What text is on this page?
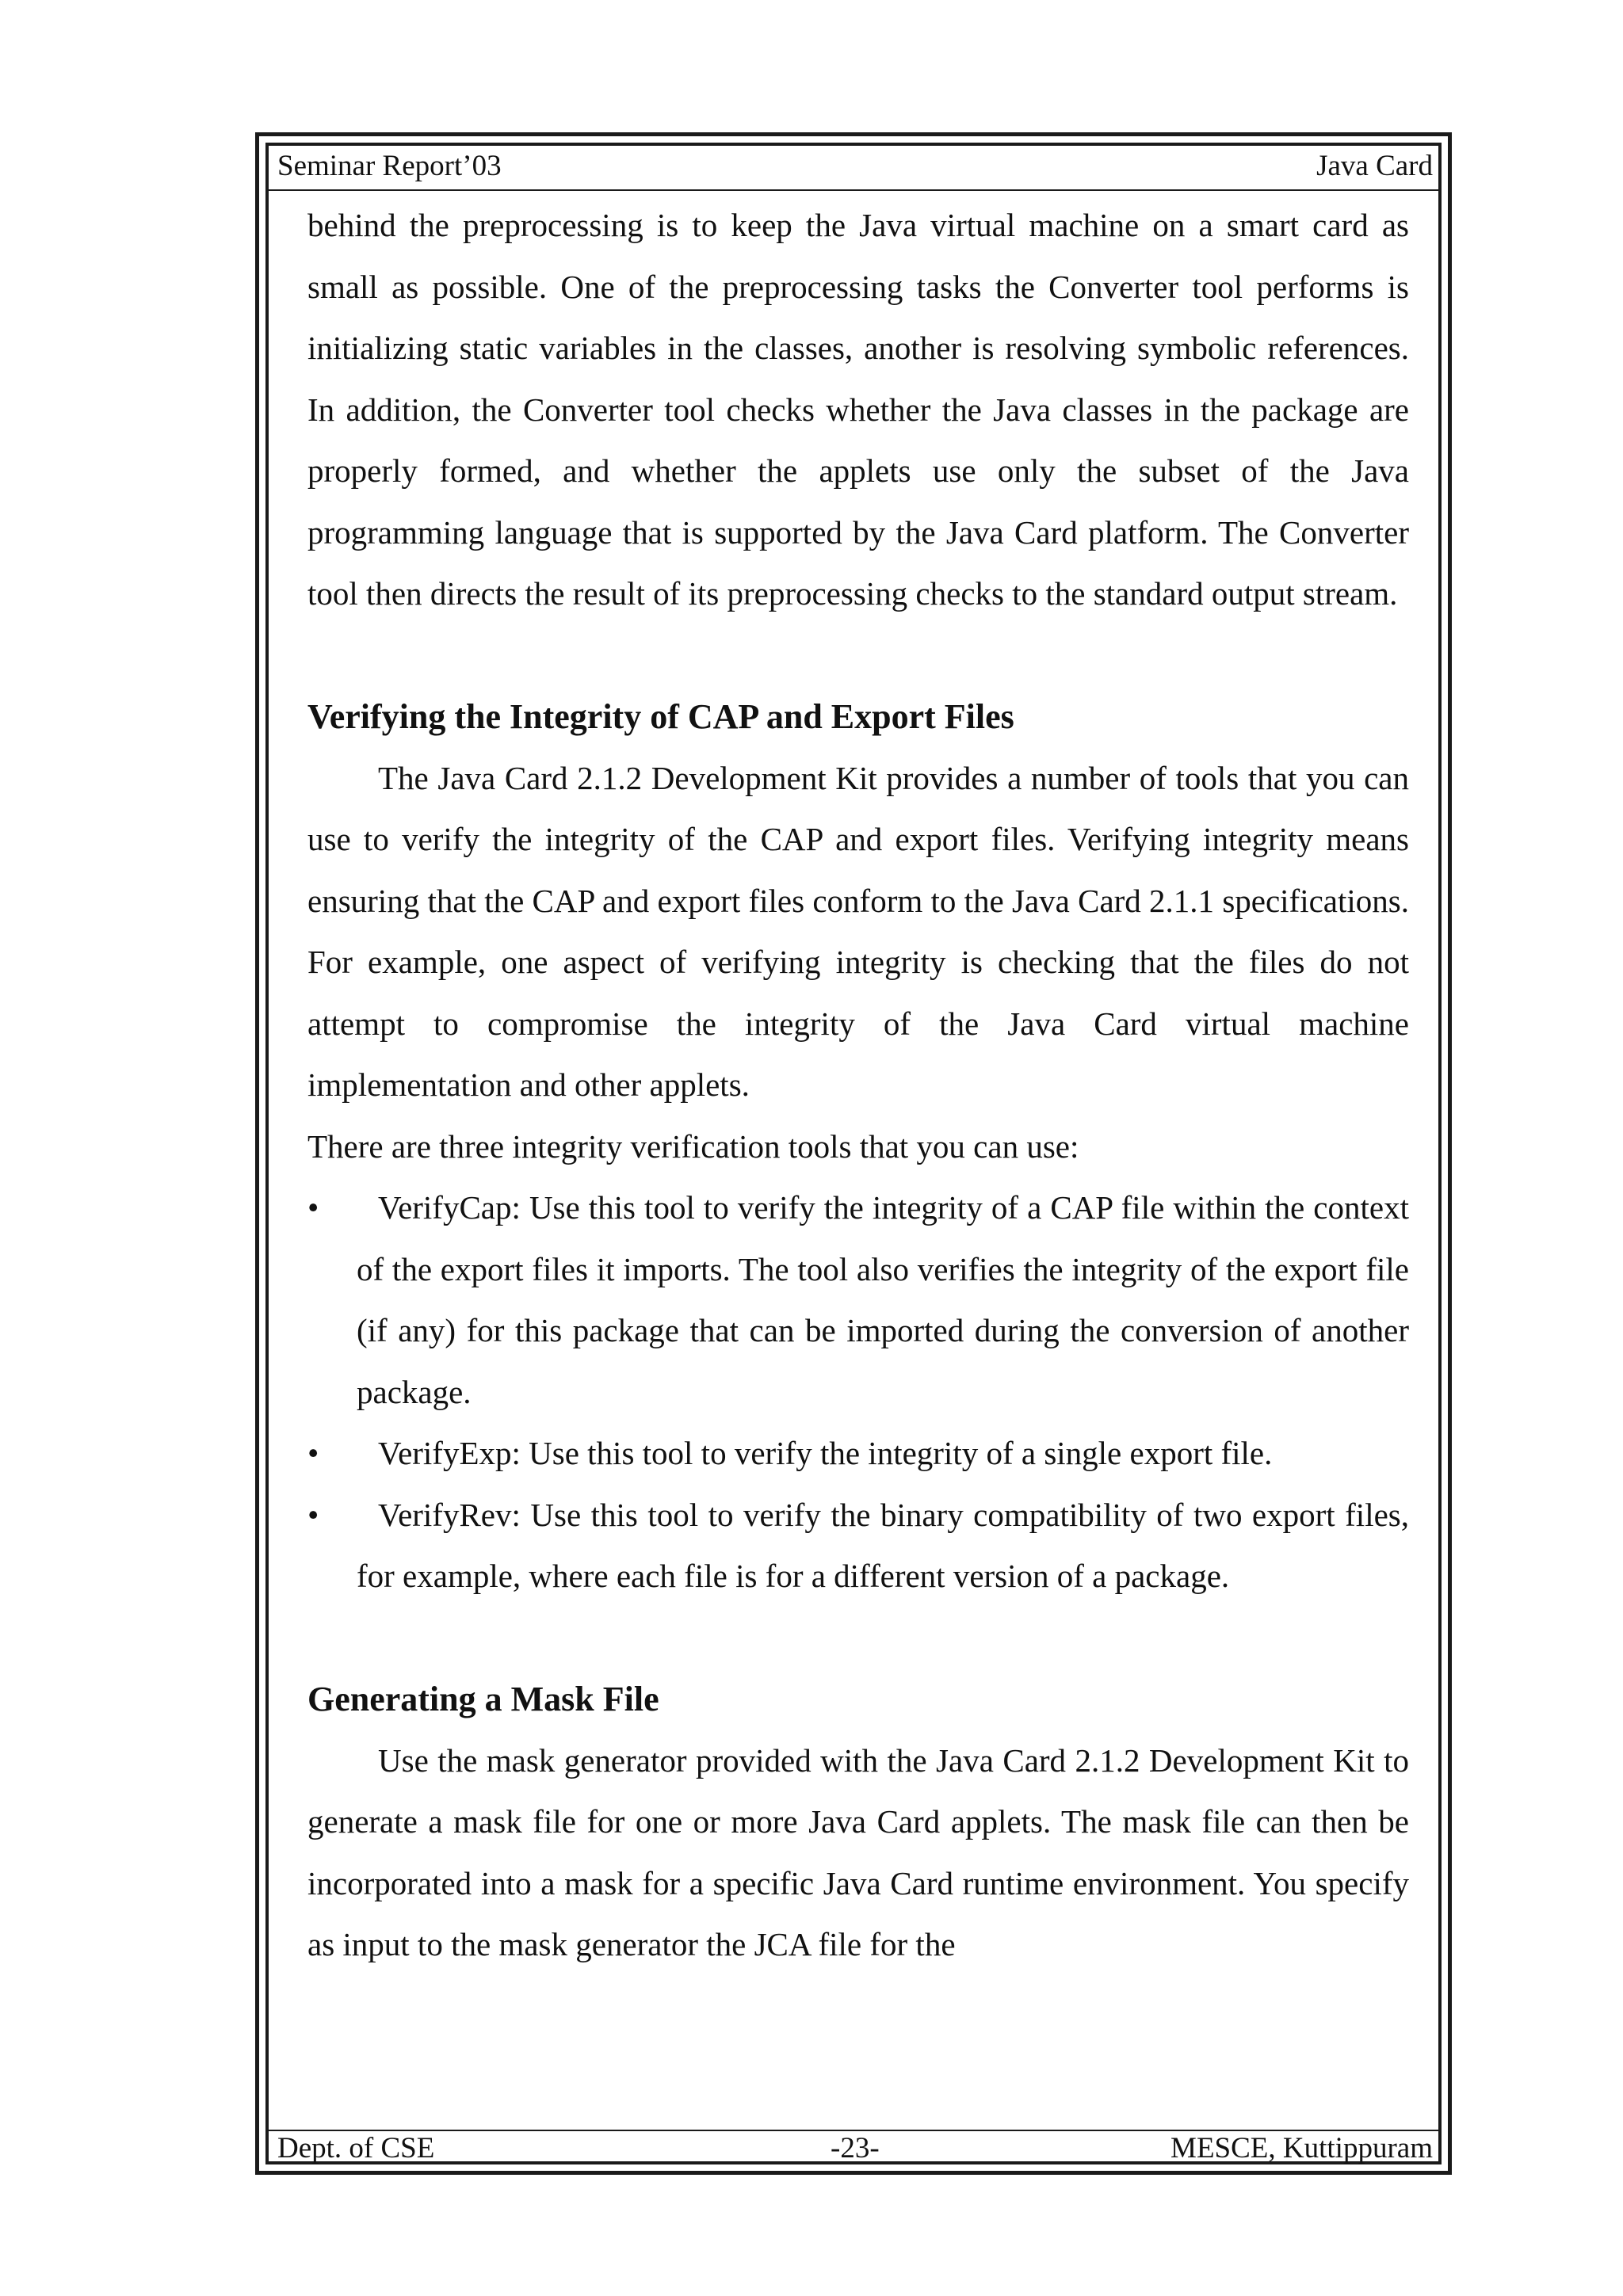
Seminar Report’03	Java Card

behind the preprocessing is to keep the Java virtual machine on a smart card as small as possible. One of the preprocessing tasks the Converter tool performs is initializing static variables in the classes, another is resolving symbolic references. In addition, the Converter tool checks whether the Java classes in the package are properly formed, and whether the applets use only the subset of the Java programming language that is supported by the Java Card platform. The Converter tool then directs the result of its preprocessing checks to the standard output stream.

Verifying the Integrity of CAP and Export Files

The Java Card 2.1.2 Development Kit provides a number of tools that you can use to verify the integrity of the CAP and export files. Verifying integrity means ensuring that the CAP and export files conform to the Java Card 2.1.1 specifications. For example, one aspect of verifying integrity is checking that the files do not attempt to compromise the integrity of the Java Card virtual machine implementation and other applets.

There are three integrity verification tools that you can use:

•	VerifyCap: Use this tool to verify the integrity of a CAP file within the context of the export files it imports. The tool also verifies the integrity of the export file (if any) for this package that can be imported during the conversion of another package.
•	VerifyExp: Use this tool to verify the integrity of a single export file.
•	VerifyRev: Use this tool to verify the binary compatibility of two export files, for example, where each file is for a different version of a package.
Generating a Mask File

Use the mask generator provided with the Java Card 2.1.2 Development Kit to generate a mask file for one or more Java Card applets. The mask file can then be incorporated into a mask for a specific Java Card runtime environment. You specify as input to the mask generator the JCA file for the

Dept. of CSE	-23-	MESCE, Kuttippuram
